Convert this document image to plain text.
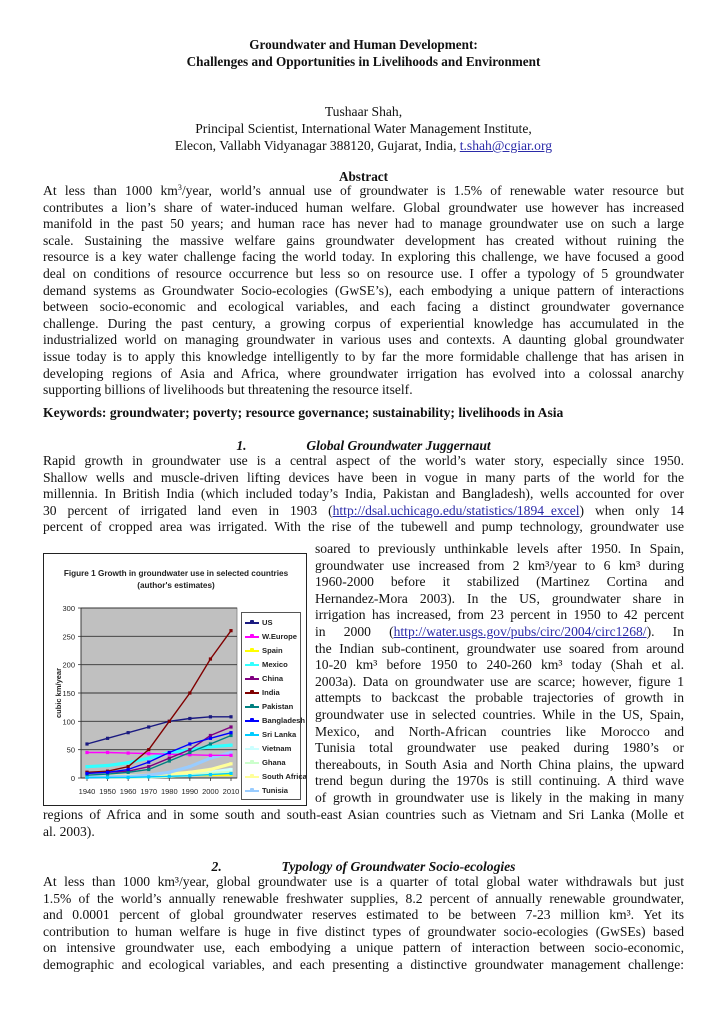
Groundwater and Human Development:
Challenges and Opportunities in Livelihoods and Environment
Tushaar Shah,
Principal Scientist, International Water Management Institute,
Elecon, Vallabh Vidyanagar 388120, Gujarat, India, t.shah@cgiar.org
Abstract
At less than 1000 $km^3$/year, world’s annual use of groundwater is 1.5% of renewable water resource but
contributes a lion’s share of water-induced human welfare. Global groundwater use however has increased
manifold in the past 50 years; and human race has never had to manage groundwater use on such a large
scale. Sustaining the massive welfare gains groundwater development has created without ruining the
resource is a key water challenge facing the world today. In exploring this challenge, we have focused a good
deal on conditions of resource occurrence but less so on resource use. I offer a typology of 5 groundwater
demand systems as Groundwater Socio-ecologies (GwSE’s), each embodying a unique pattern of interactions
between socio-economic and ecological variables, and each facing a distinct groundwater governance
challenge. During the past century, a growing corpus of experiential knowledge has accumulated in the
industrialized world on managing groundwater in various uses and contexts. A daunting global groundwater
issue today is to apply this knowledge intelligently to by far the more formidable challenge that has arisen in
developing regions of Asia and Africa, where groundwater irrigation has evolved into a colossal anarchy
supporting billions of livelihoods but threatening the resource itself.
Keywords: groundwater; poverty; resource governance; sustainability; livelihoods in Asia
1.	Global Groundwater Juggernaut
Rapid growth in groundwater use is a central aspect of the world’s water story, especially since 1950.
Shallow wells and muscle-driven lifting devices have been in vogue in many parts of the world for the
millennia. In British India (which included today’s India, Pakistan and Bangladesh), wells accounted for over
30 percent of irrigated land even in 1903 (http://dsal.uchicago.edu/statistics/1894_excel) when only 14
percent of cropped area was irrigated. With the rise of the tubewell and pump technology, groundwater use
Figure 1 Growth in groundwater use in selected countries
(author's estimates)
0
50
100
150
200
250
300
1940 1950 1960 1970 1980 1990 2000 2010
cubic km/year
US
W.Europe
Spain
Mexico
China
India
Pakistan
Bangladesh
Sri Lanka
Vietnam
Ghana
South Africa
Tunisia
soared to previously unthinkable levels after 1950. In Spain,
groundwater use increased from 2 km³/year to 6 km³ during
1960-2000 before it stabilized (Martinez Cortina and
Hernandez-Mora 2003). In the US, groundwater share in
irrigation has increased, from 23 percent in 1950 to 42 percent
in 2000 (http://water.usgs.gov/pubs/circ/2004/circ1268/). In
the Indian sub-continent, groundwater use soared from around
10-20 km³ before 1950 to 240-260 km³ today (Shah et al.
2003a). Data on groundwater use are scarce; however, figure 1
attempts to backcast the probable trajectories of growth in
groundwater use in selected countries. While in the US, Spain,
Mexico, and North-African countries like Morocco and
Tunisia total groundwater use peaked during 1980’s or
thereabouts, in South Asia and North China plains, the upward
trend begun during the 1970s is still continuing. A third wave
of growth in groundwater use is likely in the making in many
regions of Africa and in some south and south-east Asian countries such as Vietnam and Sri Lanka (Molle et
al. 2003).
2.	Typology of Groundwater Socio-ecologies
At less than 1000 km³/year, global groundwater use is a quarter of total global water withdrawals but just
1.5% of the world’s annually renewable freshwater supplies, 8.2 percent of annually renewable groundwater,
and 0.0001 percent of global groundwater reserves estimated to be between 7-23 million km³. Yet its
contribution to human welfare is huge in five distinct types of groundwater socio-ecologies (GwSEs) based
on intensive groundwater use, each embodying a unique pattern of interaction between socio-economic,
demographic and ecological variables, and each presenting a distinctive groundwater management challenge:
